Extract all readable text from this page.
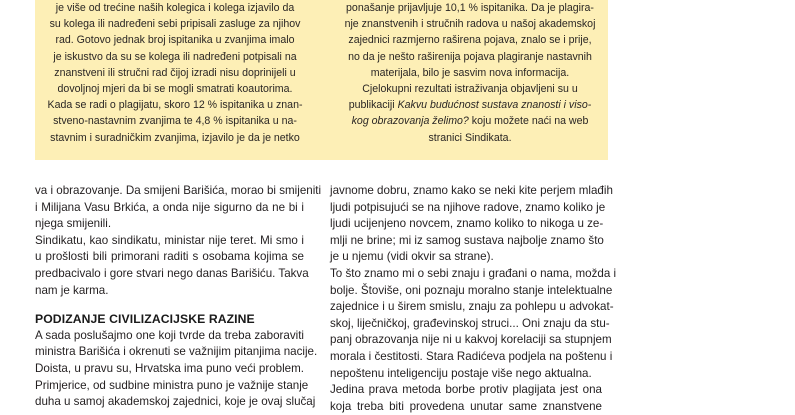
je više od trećine naših kolegica i kolega izjavilo da
su kolega ili nadređeni sebi pripisali zasluge za njihov
rad. Gotovo jednak broj ispitanika u zvanjima imalo
je iskustvo da su se kolega ili nadređeni potpisali na
znanstveni ili stručni rad čijoj izradi nisu doprinijeli u
dovoljnoj mjeri da bi se mogli smatrati koautorima.
Kada se radi o plagijatu, skoro 12 % ispitanika u znan-
stveno-nastavnim zvanjima te 4,8 % ispitanika u na-
stavnim i suradničkim zvanjima, izjavilo je da je netko

ponašanje prijavljuje 10,1 % ispitanika. Da je plagira-
nje znanstvenih i stručnih radova u našoj akademskoj
zajednici razmjerno raširena pojava, znalo se i prije,
no da je nešto raširenija pojava plagiranje nastavnih
materijala, bilo je sasvim nova informacija.
Cjelokupni rezultati istraživanja objavljeni su u
publikaciji Kakvu budućnost sustava znanosti i viso-
kog obrazovanja želimo? koju možete naći na web
stranici Sindikata.

va i obrazovanje. Da smijeni Barišića, morao bi smijeniti
i Milijana Vasu Brkića, a onda nije sigurno da ne bi i
njega smijenili.

Sindikatu, kao sindikatu, ministar nije teret. Mi smo i
u prošlosti bili primorani raditi s osobama kojima se
predbacivalo i gore stvari nego danas Barišiću. Takva
nam je karma.

PODIZANJE CIVILIZACIJSKE RAZINE

A sada poslušajmo one koji tvrde da treba zaboraviti
ministra Barišića i okrenuti se važnijim pitanjima nacije.
Doista, u pravu su, Hrvatska ima puno veći problem.
Primjerice, od sudbine ministra puno je važnije stanje
duha u samoj akademskoj zajednici, koje je ovaj slučaj

javnome dobru, znamo kako se neki kite perjem mlađih
ljudi potpisujući se na njihove radove, znamo koliko je
ljudi ucijenjeno novcem, znamo koliko to nikoga u ze-
mlji ne brine; mi iz samog sustava najbolje znamo što
je u njemu (vidi okvir sa strane).

To što znamo mi o sebi znaju i građani o nama, možda i
bolje. Štoviše, oni poznaju moralno stanje intelektualne
zajednice i u širem smislu, znaju za pohlepu u advokat-
skoj, liječničkoj, građevinskoj struci... Oni znaju da stu-
panj obrazovanja nije ni u kakvoj korelaciji sa stupnjem
morala i čestitosti. Stara Radićeva podjela na poštenu i
nepoštenu inteligenciju postaje više nego aktualna.

Jedina prava metoda borbe protiv plagijata jest ona
koja treba biti provedena unutar same znanstvene
